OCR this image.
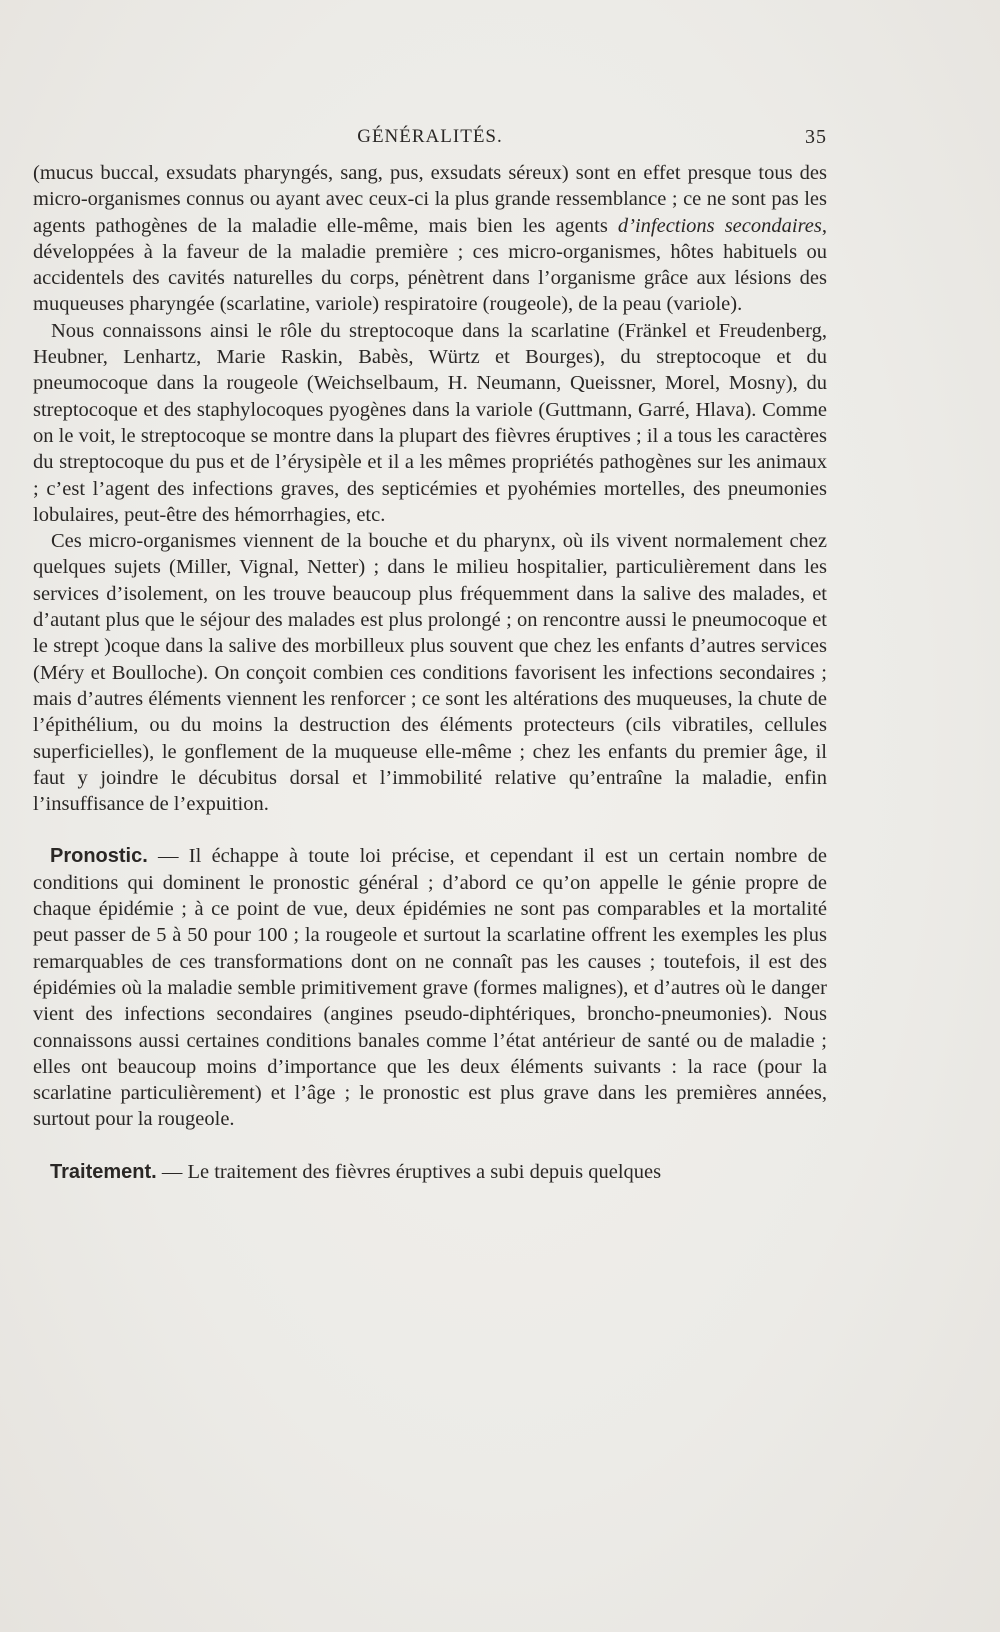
GÉNÉRALITÉS.	35

(mucus buccal, exsudats pharyngés, sang, pus, exsudats séreux) sont en effet presque tous des micro-organismes connus ou ayant avec ceux-ci la plus grande ressemblance ; ce ne sont pas les agents pathogènes de la maladie elle-même, mais bien les agents d’infections secondaires, développées à la faveur de la maladie première ; ces micro-organismes, hôtes habituels ou accidentels des cavités naturelles du corps, pénètrent dans l’organisme grâce aux lésions des muqueuses pharyngée (scarlatine, variole) respiratoire (rougeole), de la peau (variole).

Nous connaissons ainsi le rôle du streptocoque dans la scarlatine (Fränkel et Freudenberg, Heubner, Lenhartz, Marie Raskin, Babès, Würtz et Bourges), du streptocoque et du pneumocoque dans la rougeole (Weichselbaum, H. Neumann, Queissner, Morel, Mosny), du streptocoque et des staphylocoques pyogènes dans la variole (Guttmann, Garré, Hlava). Comme on le voit, le streptocoque se montre dans la plupart des fièvres éruptives ; il a tous les caractères du streptocoque du pus et de l’érysipèle et il a les mêmes propriétés pathogènes sur les animaux ; c’est l’agent des infections graves, des septicémies et pyohémies mortelles, des pneumonies lobulaires, peut-être des hémorrhagies, etc.

Ces micro-organismes viennent de la bouche et du pharynx, où ils vivent normalement chez quelques sujets (Miller, Vignal, Netter) ; dans le milieu hospitalier, particulièrement dans les services d’isolement, on les trouve beaucoup plus fréquemment dans la salive des malades, et d’autant plus que le séjour des malades est plus prolongé ; on rencontre aussi le pneumocoque et le strept )coque dans la salive des morbilleux plus souvent que chez les enfants d’autres services (Méry et Boulloche). On conçoit combien ces conditions favorisent les infections secondaires ; mais d’autres éléments viennent les renforcer ; ce sont les altérations des muqueuses, la chute de l’épithélium, ou du moins la destruction des éléments protecteurs (cils vibratiles, cellules superficielles), le gonflement de la muqueuse elle-même ; chez les enfants du premier âge, il faut y joindre le décubitus dorsal et l’immobilité relative qu’entraîne la maladie, enfin l’insuffisance de l’expuition.

Pronostic. — Il échappe à toute loi précise, et cependant il est un certain nombre de conditions qui dominent le pronostic général ; d’abord ce qu’on appelle le génie propre de chaque épidémie ; à ce point de vue, deux épidémies ne sont pas comparables et la mortalité peut passer de 5 à 50 pour 100 ; la rougeole et surtout la scarlatine offrent les exemples les plus remarquables de ces transformations dont on ne connaît pas les causes ; toutefois, il est des épidémies où la maladie semble primitivement grave (formes malignes), et d’autres où le danger vient des infections secondaires (angines pseudo-diphtériques, broncho-pneumonies). Nous connaissons aussi certaines conditions banales comme l’état antérieur de santé ou de maladie ; elles ont beaucoup moins d’importance que les deux éléments suivants : la race (pour la scarlatine particulièrement) et l’âge ; le pronostic est plus grave dans les premières années, surtout pour la rougeole.

Traitement. — Le traitement des fièvres éruptives a subi depuis quelques
